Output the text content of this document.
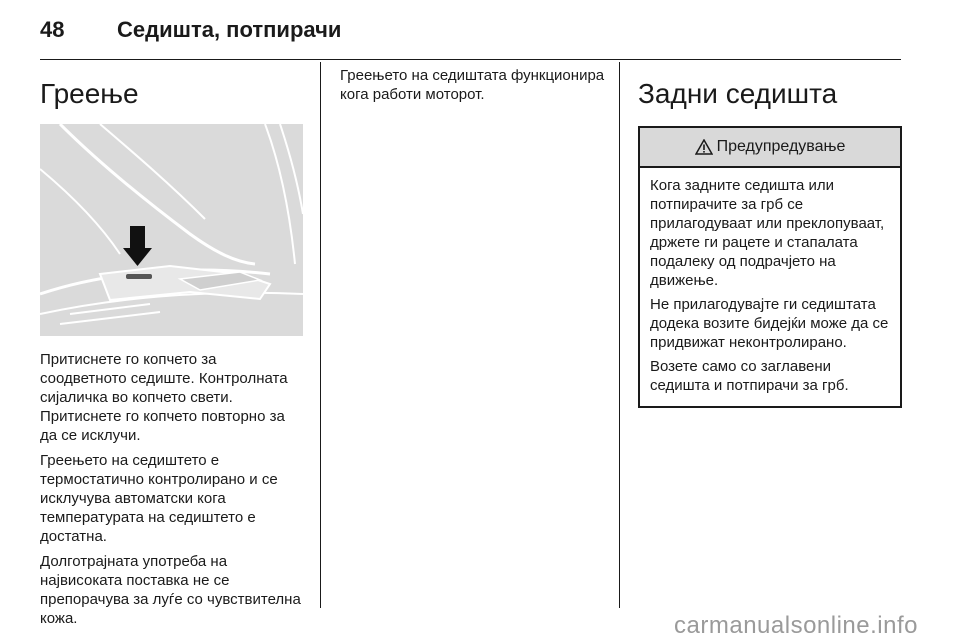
48 Седишта, потпирачи
Греење

Притиснете го копчето за соодветното седиште. Контролната сијаличка во копчето свети. Притиснете го копчето повторно за да се исклучи.

Греењето на седиштето е термостатично контролирано и се исклучува автоматски кога температурата на седиштето е достатна.

Долготрајната употреба на највисоката поставка не се препорачува за луѓе со чувствителна кожа.

Греењето на седиштата функционира кога работи моторот.	Задни седишта
Предупредување

Кога задните седишта или потпирачите за грб се прилагодуваат или преклопуваат, држете ги рацете и стапалата подалеку од подрачјето на движење.

Не прилагодувајте ги седиштата додека возите бидејќи може да се придвижат неконтролирано.

Возете само со заглавени седишта и потпирачи за грб.

carmanualsonline.info
